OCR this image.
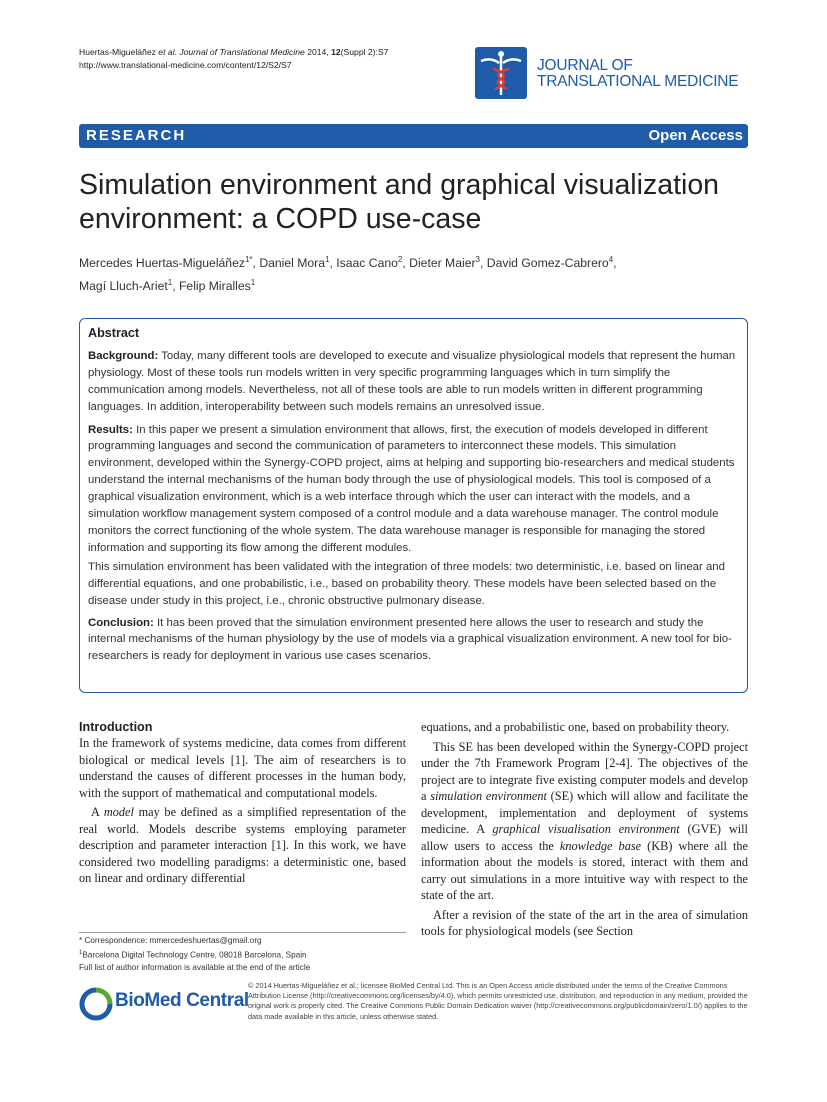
Huertas-Migueláñez et al. Journal of Translational Medicine 2014, 12(Suppl 2):S7
http://www.translational-medicine.com/content/12/S2/S7	JOURNAL OF
TRANSLATIONAL MEDICINE
RESEARCH	Open Access
Simulation environment and graphical visualization environment: a COPD use-case
Mercedes Huertas-Migueláñez$^{1*}$, Daniel Mora$^1$, Isaac Cano$^2$, Dieter Maier$^3$, David Gomez-Cabrero$^4$,
Magí Lluch-Ariet$^1$, Felip Miralles$^1$
Abstract

Background: Today, many different tools are developed to execute and visualize physiological models that represent the human physiology. Most of these tools run models written in very specific programming languages which in turn simplify the communication among models. Nevertheless, not all of these tools are able to run models written in different programming languages. In addition, interoperability between such models remains an unresolved issue.

Results: In this paper we present a simulation environment that allows, first, the execution of models developed in different programming languages and second the communication of parameters to interconnect these models. This simulation environment, developed within the Synergy-COPD project, aims at helping and supporting bio-researchers and medical students understand the internal mechanisms of the human body through the use of physiological models. This tool is composed of a graphical visualization environment, which is a web interface through which the user can interact with the models, and a simulation workflow management system composed of a control module and a data warehouse manager. The control module monitors the correct functioning of the whole system. The data warehouse manager is responsible for managing the stored information and supporting its flow among the different modules.

This simulation environment has been validated with the integration of three models: two deterministic, i.e. based on linear and differential equations, and one probabilistic, i.e., based on probability theory. These models have been selected based on the disease under study in this project, i.e., chronic obstructive pulmonary disease.

Conclusion: It has been proved that the simulation environment presented here allows the user to research and study the internal mechanisms of the human physiology by the use of models via a graphical visualization environment. A new tool for bio-researchers is ready for deployment in various use cases scenarios.

Introduction

In the framework of systems medicine, data comes from different biological or medical levels [1]. The aim of researchers is to understand the causes of different processes in the human body, with the support of mathematical and computational models.

A model may be defined as a simplified representation of the real world. Models describe systems employing parameter description and parameter interaction [1]. In this work, we have considered two modelling paradigms: a deterministic one, based on linear and ordinary differential

equations, and a probabilistic one, based on probability theory.

This SE has been developed within the Synergy-COPD project under the 7th Framework Program [2-4]. The objectives of the project are to integrate five existing computer models and develop a simulation environment (SE) which will allow and facilitate the development, implementation and deployment of systems medicine. A graphical visualisation environment (GVE) will allow users to access the knowledge base (KB) where all the information about the models is stored, interact with them and carry out simulations in a more intuitive way with respect to the state of the art.

After a revision of the state of the art in the area of simulation tools for physiological models (see Section

* Correspondence: mmercedeshuertas@gmail.org
$^1$Barcelona Digital Technology Centre, 08018 Barcelona, Spain
Full list of author information is available at the end of the article
BioMed Central
© 2014 Huertas-Migueláñez et al.; licensee BioMed Central Ltd. This is an Open Access article distributed under the terms of the Creative Commons Attribution License (http://creativecommons.org/licenses/by/4.0), which permits unrestricted use, distribution, and reproduction in any medium, provided the original work is properly cited. The Creative Commons Public Domain Dedication waiver (http://creativecommons.org/publicdomain/zero/1.0/) applies to the data made available in this article, unless otherwise stated.
